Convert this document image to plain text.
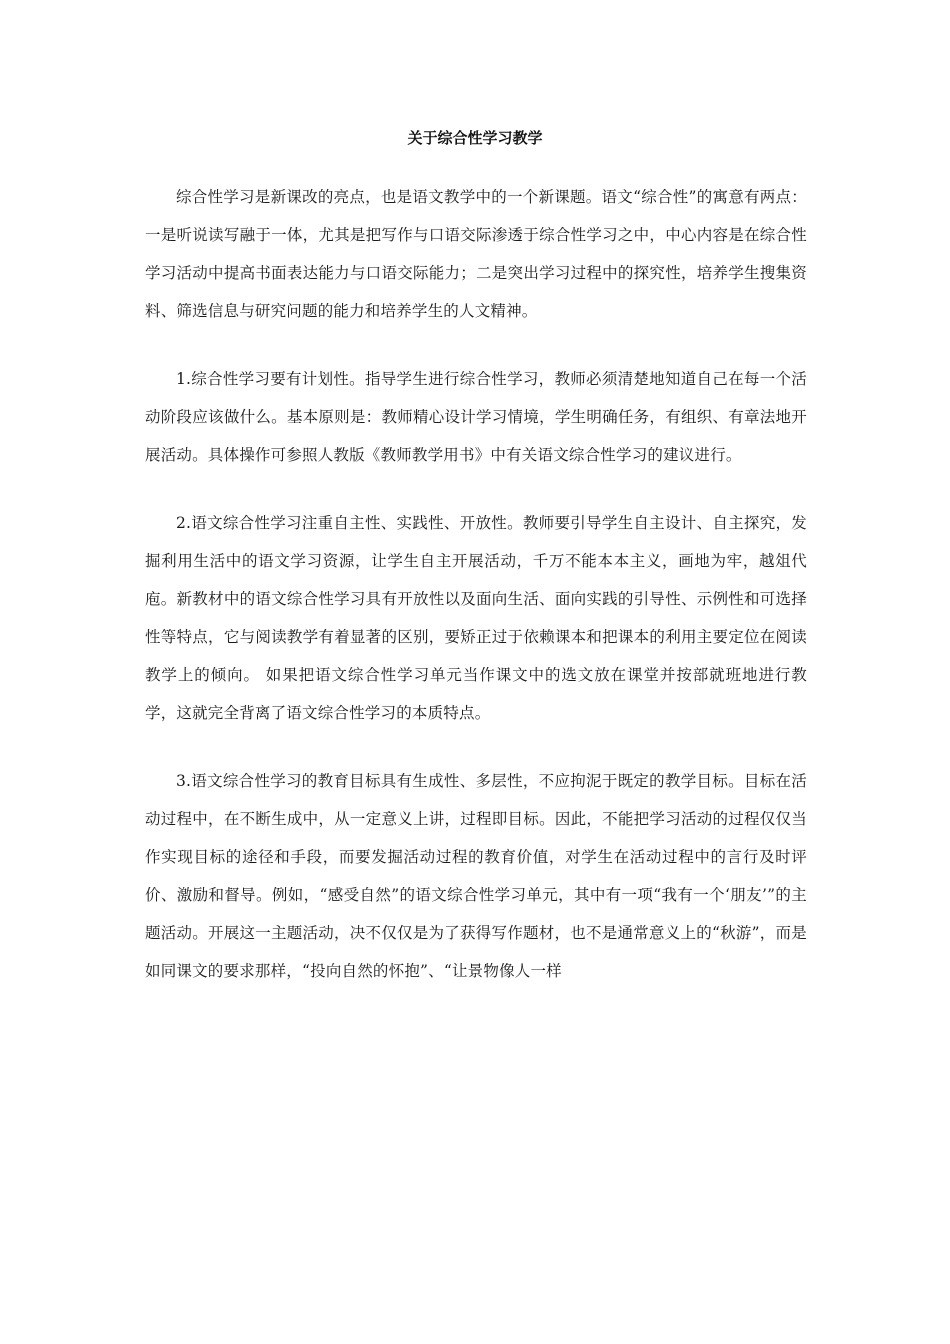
关于综合性学习教学

综合性学习是新课改的亮点，也是语文教学中的一个新课题。语文“综合性”的寓意有两点：一是听说读写融于一体，尤其是把写作与口语交际渗透于综合性学习之中，中心内容是在综合性学习活动中提高书面表达能力与口语交际能力；二是突出学习过程中的探究性，培养学生搜集资料、筛选信息与研究问题的能力和培养学生的人文精神。

1.综合性学习要有计划性。指导学生进行综合性学习，教师必须清楚地知道自己在每一个活动阶段应该做什么。基本原则是：教师精心设计学习情境，学生明确任务，有组织、有章法地开展活动。具体操作可参照人教版《教师教学用书》中有关语文综合性学习的建议进行。

2.语文综合性学习注重自主性、实践性、开放性。教师要引导学生自主设计、自主探究，发掘利用生活中的语文学习资源，让学生自主开展活动，千万不能本本主义，画地为牢，越俎代庖。新教材中的语文综合性学习具有开放性以及面向生活、面向实践的引导性、示例性和可选择性等特点，它与阅读教学有着显著的区别，要矫正过于依赖课本和把课本的利用主要定位在阅读教学上的倾向。 如果把语文综合性学习单元当作课文中的选文放在课堂并按部就班地进行教学，这就完全背离了语文综合性学习的本质特点。

3.语文综合性学习的教育目标具有生成性、多层性，不应拘泥于既定的教学目标。目标在活动过程中，在不断生成中，从一定意义上讲，过程即目标。因此，不能把学习活动的过程仅仅当作实现目标的途径和手段，而要发掘活动过程的教育价值，对学生在活动过程中的言行及时评价、激励和督导。例如，“感受自然”的语文综合性学习单元，其中有一项“我有一个‘朋友’”的主题活动。开展这一主题活动，决不仅仅是为了获得写作题材，也不是通常意义上的“秋游”，而是如同课文的要求那样，“投向自然的怀抱”、“让景物像人一样
